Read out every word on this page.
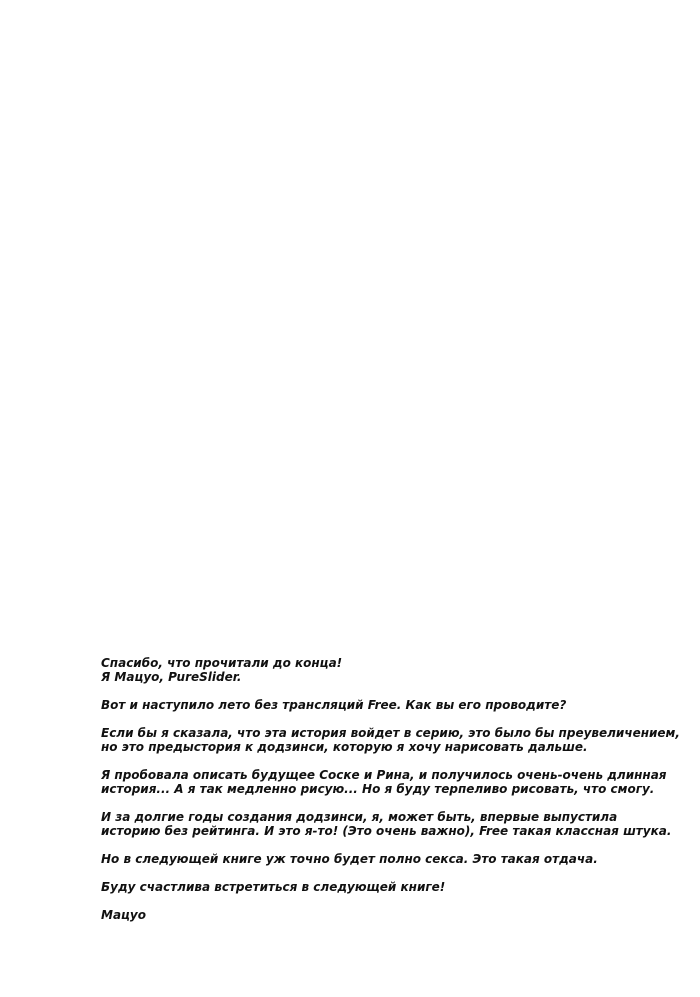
Спасибо, что прочитали до конца!
Я Мацуо, PureSlider.

Вот и наступило лето без трансляций Free. Как вы его проводите?

Если бы я сказала, что эта история войдет в серию, это было бы преувеличением,
но это предыстория к додзинси, которую я хочу нарисовать дальше.

Я пробовала описать будущее Соске и Рина, и получилось очень-очень длинная
история... А я так медленно рисую... Но я буду терпеливо рисовать, что смогу.

И за долгие годы создания додзинси, я, может быть, впервые выпустила
историю без рейтинга. И это я-то! (Это очень важно), Free такая классная штука.

Но в следующей книге уж точно будет полно секса. Это такая отдача.

Буду счастлива встретиться в следующей книге!

Мацуо
